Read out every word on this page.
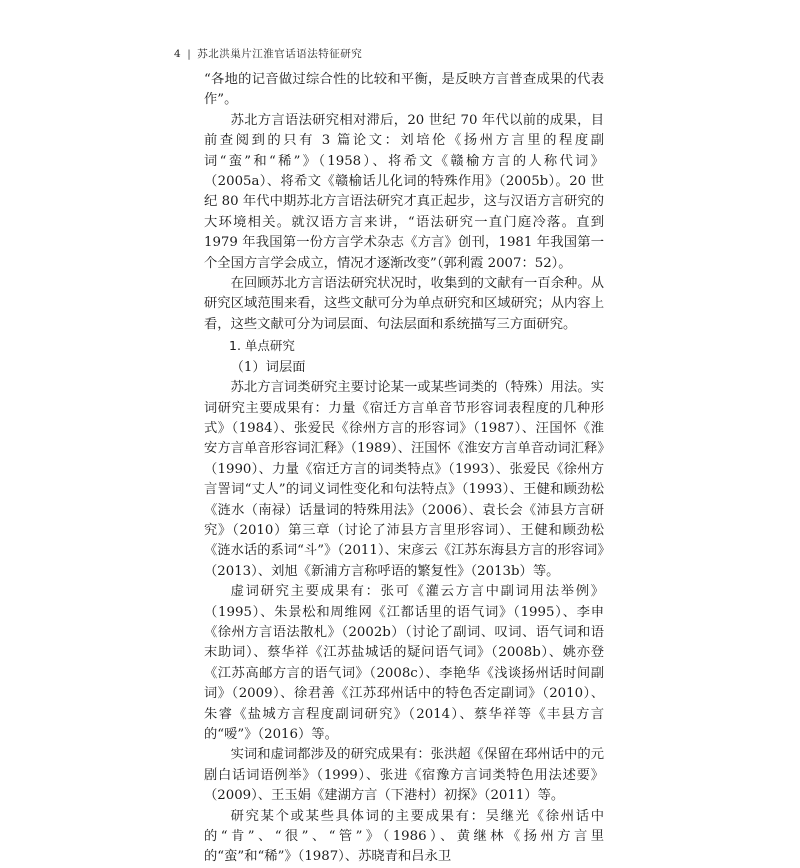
4 | 苏北洪巢片江淮官话语法特征研究

“各地的记音做过综合性的比较和平衡，是反映方言普查成果的代表作”。

苏北方言语法研究相对滞后，20 世纪 70 年代以前的成果，目前查阅到的只有 3 篇论文：刘培伦《扬州方言里的程度副词“蛮”和“稀”》（1958）、将希文《赣榆方言的人称代词》（2005a）、将希文《赣榆话儿化词的特殊作用》（2005b）。20 世纪 80 年代中期苏北方言语法研究才真正起步，这与汉语方言研究的大环境相关。就汉语方言来讲，“语法研究一直门庭冷落。直到 1979 年我国第一份方言学术杂志《方言》创刊，1981 年我国第一个全国方言学会成立，情况才逐渐改变”（郭利霞 2007：52）。

在回顾苏北方言语法研究状况时，收集到的文献有一百余种。从研究区域范围来看，这些文献可分为单点研究和区域研究；从内容上看，这些文献可分为词层面、句法层面和系统描写三方面研究。

1. 单点研究

（1）词层面

苏北方言词类研究主要讨论某一或某些词类的（特殊）用法。实词研究主要成果有：力量《宿迁方言单音节形容词表程度的几种形式》（1984）、张爱民《徐州方言的形容词》（1987）、汪国怀《淮安方言单音形容词汇释》（1989）、汪国怀《淮安方言单音动词汇释》（1990）、力量《宿迁方言的词类特点》（1993）、张爱民《徐州方言詈词“丈人”的词义词性变化和句法特点》（1993）、王健和顾劲松《涟水（南禄）话量词的特殊用法》（2006）、袁长会《沛县方言研究》（2010）第三章（讨论了沛县方言里形容词）、王健和顾劲松《涟水话的系词“斗”》（2011）、宋彦云《江苏东海县方言的形容词》（2013）、刘旭《新浦方言称呼语的繁复性》（2013b）等。

虚词研究主要成果有：张可《灌云方言中副词用法举例》（1995）、朱景松和周维网《江都话里的语气词》（1995）、李申《徐州方言语法散札》（2002b）（讨论了副词、叹词、语气词和语末助词）、蔡华祥《江苏盐城话的疑问语气词》（2008b）、姚亦登《江苏高邮方言的语气词》（2008c）、李艳华《浅谈扬州话时间副词》（2009）、徐君善《江苏邳州话中的特色否定副词》（2010）、朱睿《盐城方言程度副词研究》（2014）、蔡华祥等《丰县方言的“嗳”》（2016）等。

实词和虚词都涉及的研究成果有：张洪超《保留在邳州话中的元剧白话词语例举》（1999）、张进《宿豫方言词类特色用法述要》（2009）、王玉娟《建湖方言（下港村）初探》（2011）等。

研究某个或某些具体词的主要成果有：吴继光《徐州话中的“肯”、“很”、“管”》（1986）、黄继林《扬州方言里的“蛮”和“稀”》（1987）、苏晓青和吕永卫
